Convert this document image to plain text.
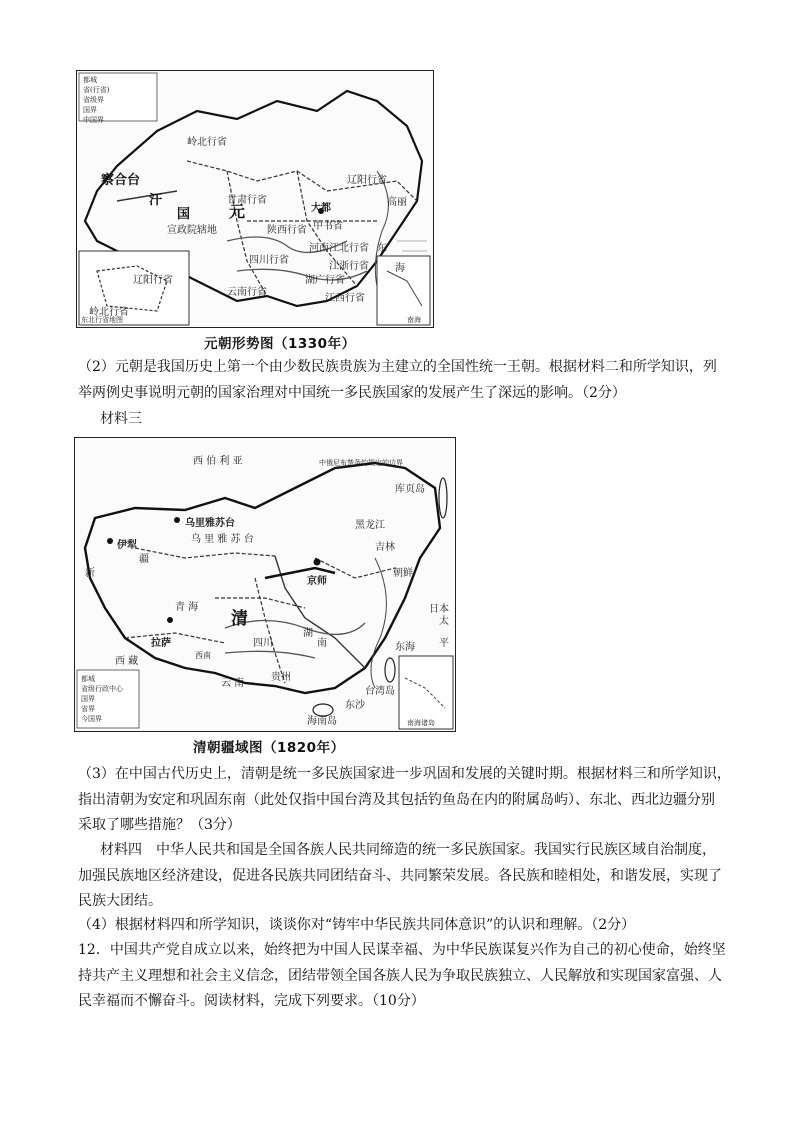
都城
省(行省)
省级界
国界
中国界
岭北行省
察合台
汗
国
甘肃行省
元	大都
中书省
河南江北行省
宣政院辖地	陕西行省
四川行省
云南行省
湖广行省
江浙行省
江西行省
辽阳行省
东
海
高丽
岭北行省
辽阳行省
东北行省地图	南海
元朝形势图（1330年）
（2）元朝是我国历史上第一个由少数民族贵族为主建立的全国性统一王朝。根据材料二和所学知识，列
举两例史事说明元朝的国家治理对中国统一多民族国家的发展产生了深远的影响。（2分）
材料三
西 伯 利 亚	中俄尼布楚条约规定的边界
库页岛
乌里雅苏台
乌 里 雅 苏 台
黑龙江
吉林
伊犁
新
疆
京师
朝鲜
日本
清
青 海
拉萨
西 藏
四川
湖
南
贵州
云 南
台湾岛
东沙
海南岛
东海
太
平
西南
南海诸岛
都城
省级行政中心
国界
省界
今国界
清朝疆域图（1820年）
（3）在中国古代历史上，清朝是统一多民族国家进一步巩固和发展的关键时期。根据材料三和所学知识，
指出清朝为安定和巩固东南（此处仅指中国台湾及其包括钓鱼岛在内的附属岛屿）、东北、西北边疆分别
采取了哪些措施？（3分）
材料四　中华人民共和国是全国各族人民共同缔造的统一多民族国家。我国实行民族区域自治制度，
加强民族地区经济建设，促进各民族共同团结奋斗、共同繁荣发展。各民族和睦相处，和谐发展，实现了
民族大团结。
（4）根据材料四和所学知识，谈谈你对“铸牢中华民族共同体意识”的认识和理解。（2分）
12．中国共产党自成立以来，始终把为中国人民谋幸福、为中华民族谋复兴作为自己的初心使命，始终坚
持共产主义理想和社会主义信念，团结带领全国各族人民为争取民族独立、人民解放和实现国家富强、人
民幸福而不懈奋斗。阅读材料，完成下列要求。（10分）
